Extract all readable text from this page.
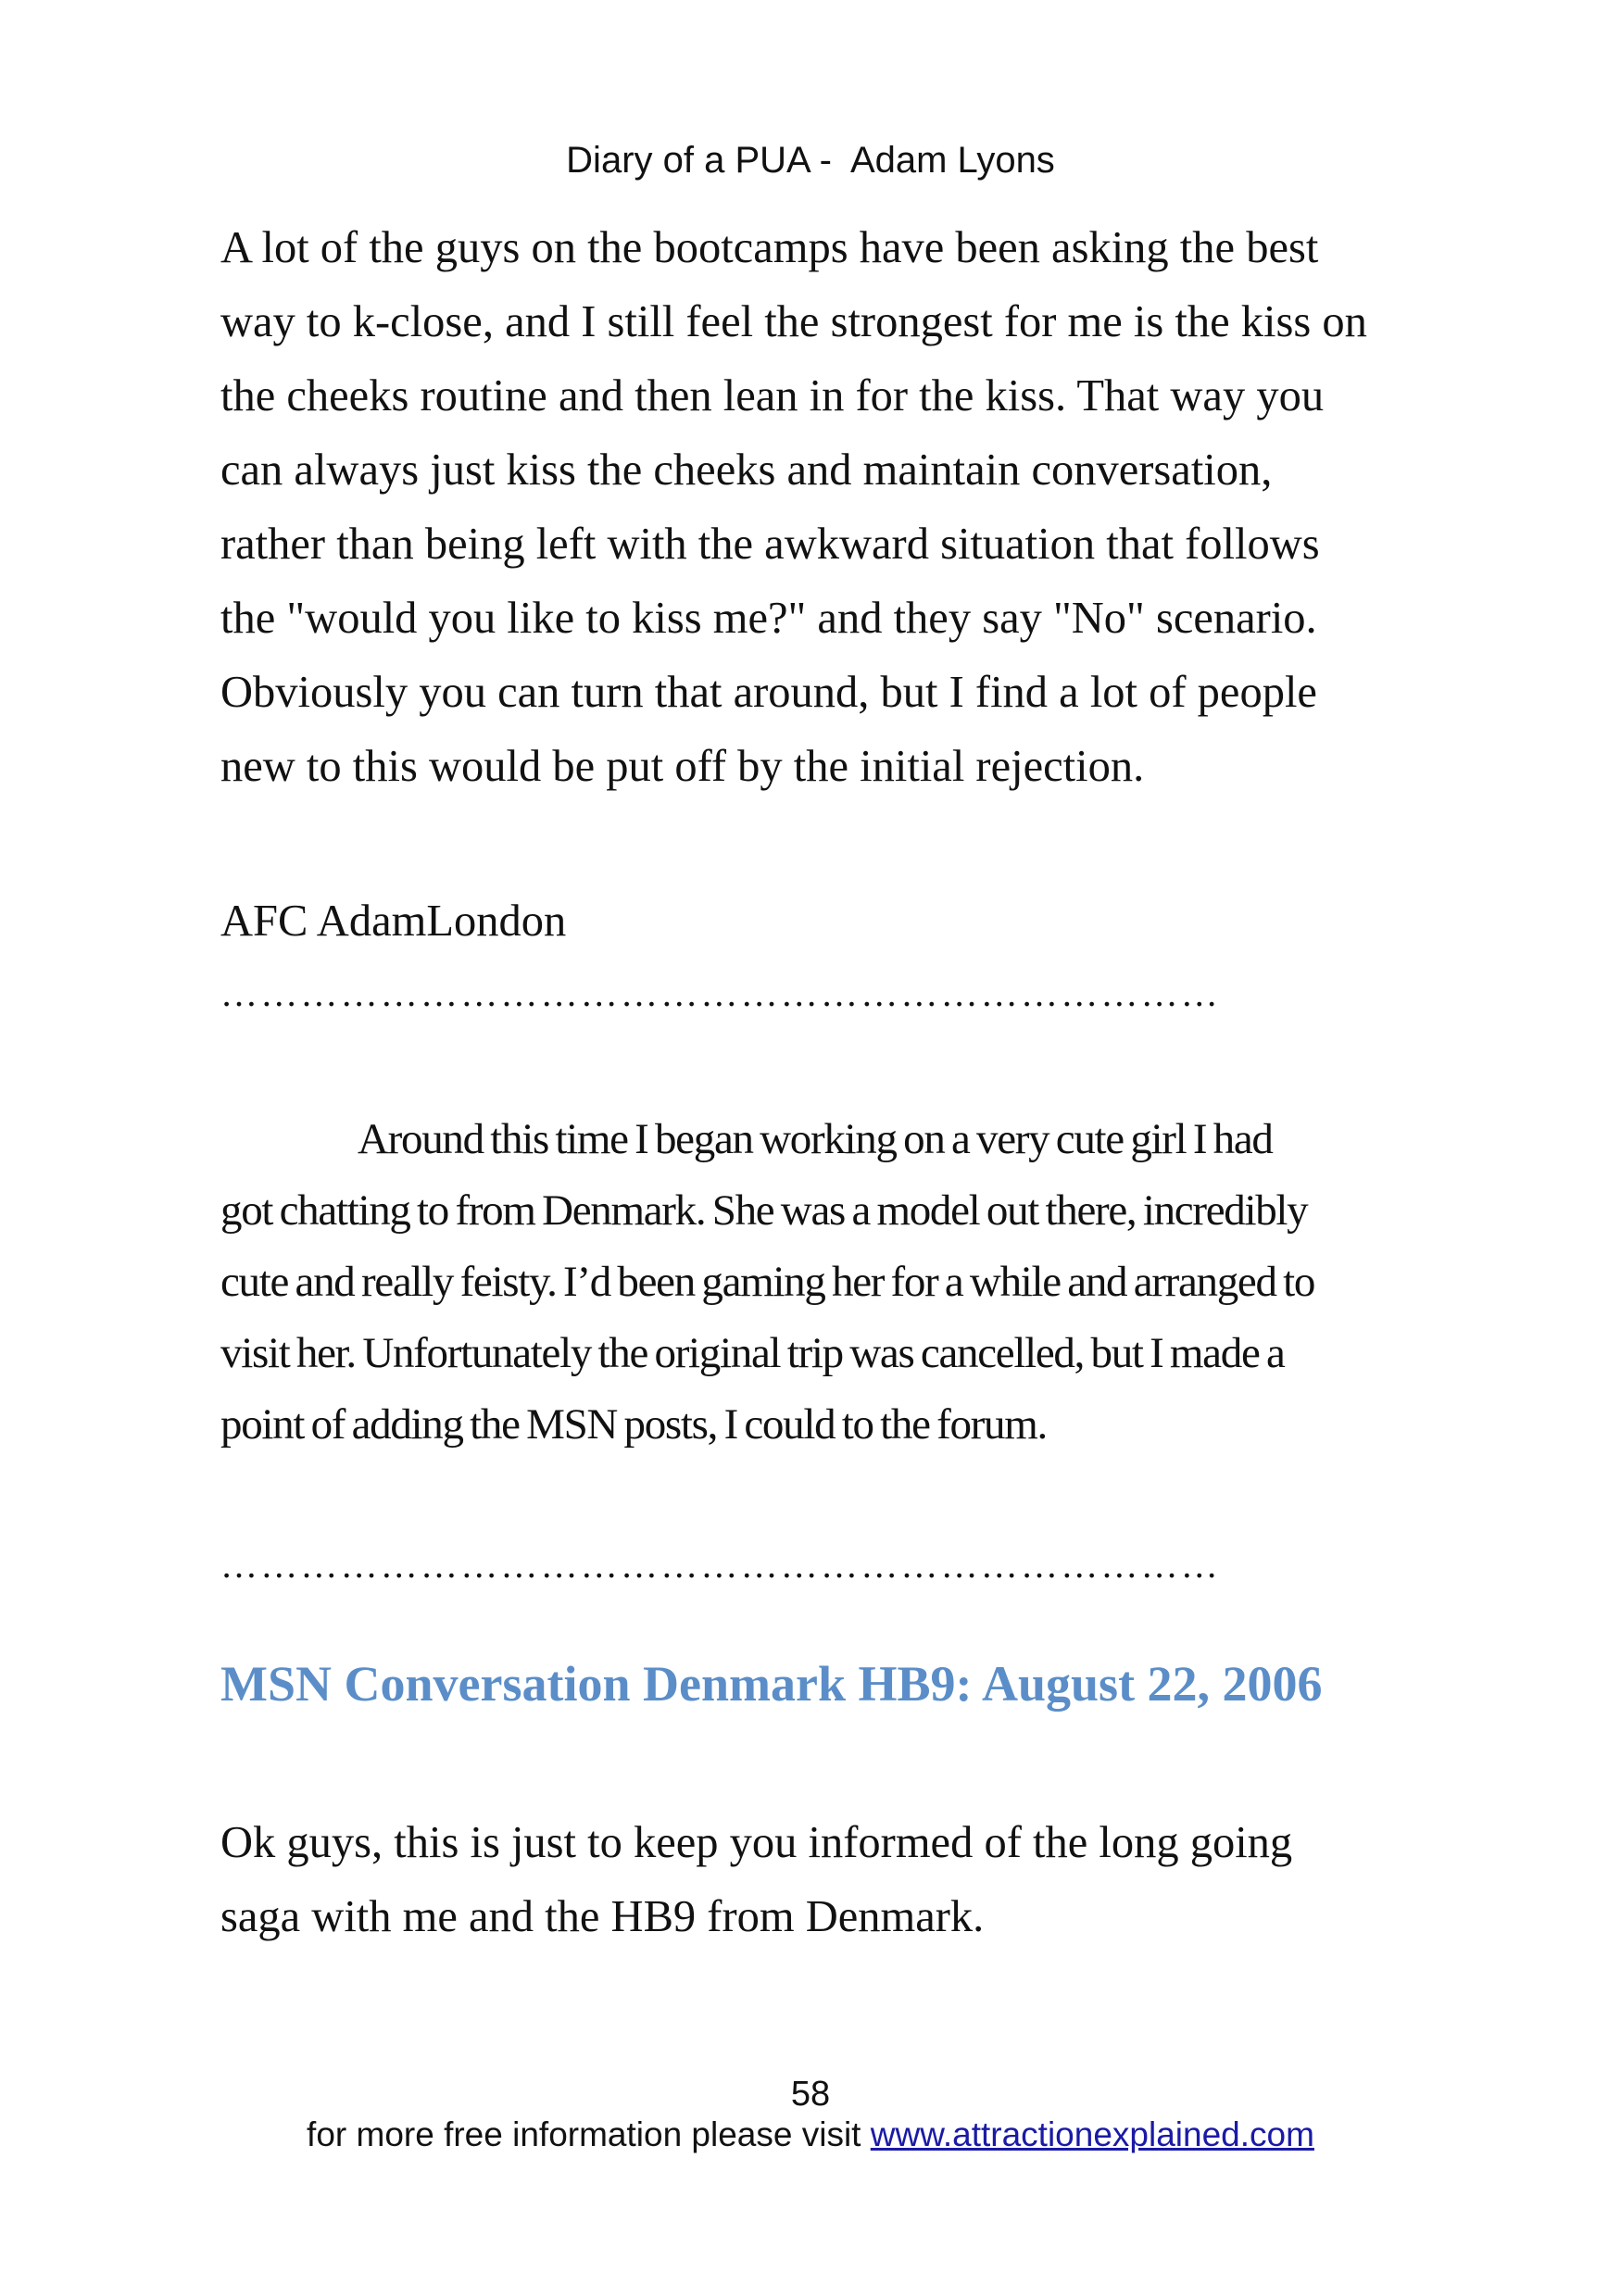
Diary of a PUA -  Adam Lyons
A lot of the guys on the bootcamps have been asking the best
way to k-close, and I still feel the strongest for me is the kiss on
the cheeks routine and then lean in for the kiss. That way you
can always just kiss the cheeks and maintain conversation,
rather than being left with the awkward situation that follows
the "would you like to kiss me?" and they say "No" scenario.
Obviously you can turn that around, but I find a lot of people
new to this would be put off by the initial rejection.
AFC AdamLondon
…………………………………………………………………
Around this time I began working on a very cute girl I had
got chatting to from Denmark. She was a model out there, incredibly
cute and really feisty. I’d been gaming her for a while and arranged to
visit her. Unfortunately the original trip was cancelled, but I made a
point of adding the MSN posts, I could to the forum.
…………………………………………………………………
MSN Conversation Denmark HB9: August 22, 2006
Ok guys, this is just to keep you informed of the long going
saga with me and the HB9 from Denmark.
58
for more free information please visit www.attractionexplained.com
